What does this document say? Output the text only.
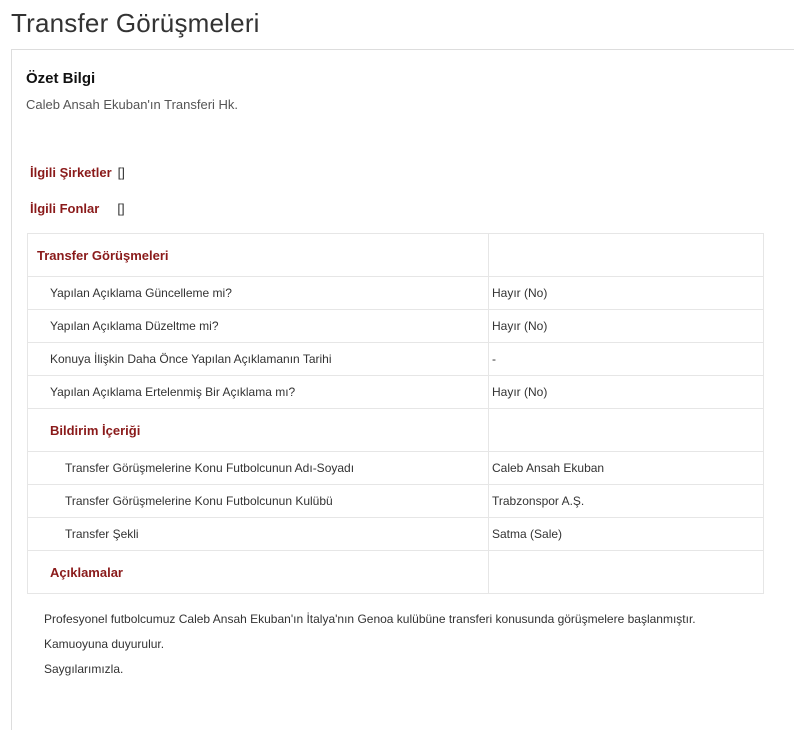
Transfer Görüşmeleri
Özet Bilgi
Caleb Ansah Ekuban'ın Transferi Hk.
İlgili Şirketler []
İlgili Fonlar []
Transfer Görüşmeleri	
Yapılan Açıklama Güncelleme mi?	Hayır (No)
Yapılan Açıklama Düzeltme mi?	Hayır (No)
Konuya İlişkin Daha Önce Yapılan Açıklamanın Tarihi	-
Yapılan Açıklama Ertelenmiş Bir Açıklama mı?	Hayır (No)
Bildirim İçeriği	
Transfer Görüşmelerine Konu Futbolcunun Adı-Soyadı	Caleb Ansah Ekuban
Transfer Görüşmelerine Konu Futbolcunun Kulübü	Trabzonspor A.Ş.
Transfer Şekli	Satma (Sale)
Açıklamalar	

Profesyonel futbolcumuz Caleb Ansah Ekuban'ın İtalya'nın Genoa kulübüne transferi konusunda görüşmelere başlanmıştır.

Kamuoyuna duyurulur.

Saygılarımızla.
